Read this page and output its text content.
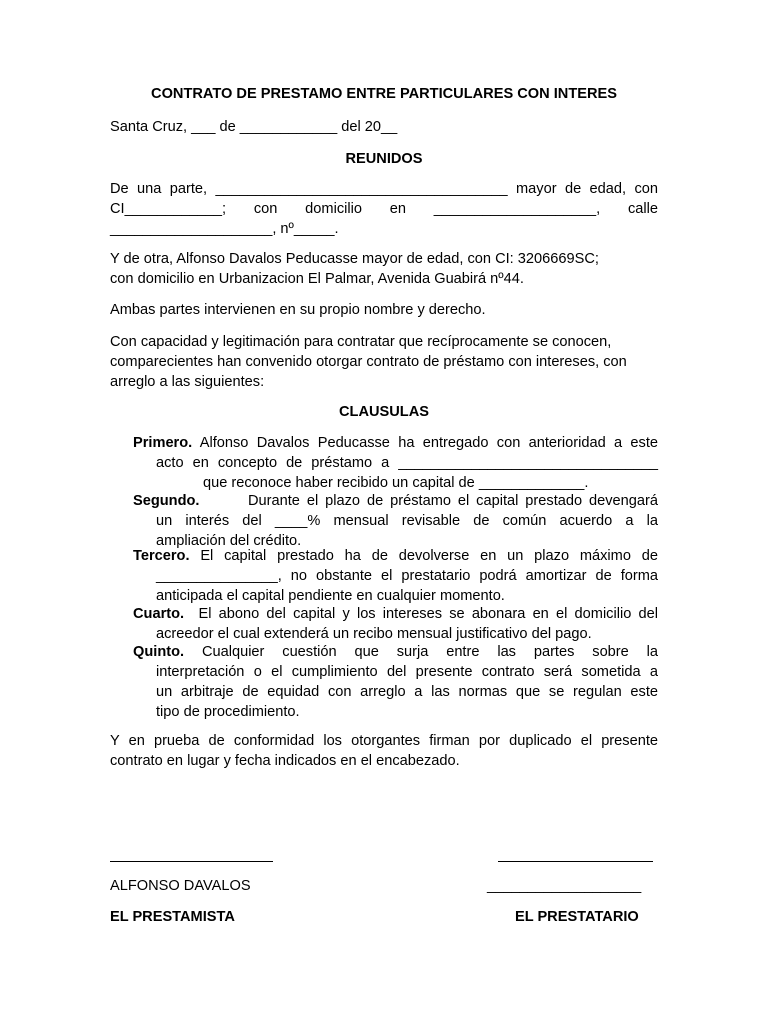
CONTRATO DE PRESTAMO ENTRE PARTICULARES CON INTERES
Santa Cruz, ___ de ____________ del 20__
REUNIDOS
De una parte, ____________________________________ mayor de edad, con
CI____________; con domicilio en ____________________, calle
____________________, nº_____.
Y de otra, Alfonso Davalos Peducasse mayor de edad, con CI: 3206669SC;
con domicilio en Urbanizacion El Palmar, Avenida Guabirá nº44.
Ambas partes intervienen en su propio nombre y derecho.
Con capacidad y legitimación para contratar que recíprocamente se conocen,
comparecientes han convenido otorgar contrato de préstamo con intereses, con
arreglo a las siguientes:
CLAUSULAS

Primero. Alfonso Davalos Peducasse ha entregado con anterioridad a este

acto en concepto de préstamo a ________________________________

que reconoce haber recibido un capital de _____________.

Segundo.       Durante el plazo de préstamo el capital prestado devengará

un interés del ____% mensual revisable de común acuerdo a la

ampliación del crédito.

Tercero. El capital prestado ha de devolverse en un plazo máximo de

_______________, no obstante el prestatario podrá amortizar de forma

anticipada el capital pendiente en cualquier momento.

Cuarto.  El abono del capital y los intereses se abonara en el domicilio del

acreedor el cual extenderá un recibo mensual justificativo del pago.

Quinto. Cualquier cuestión que surja entre las partes sobre la

interpretación o el cumplimiento del presente contrato será sometida a

un arbitraje de equidad con arreglo a las normas que se regulan este

tipo de procedimiento.

Y en prueba de conformidad los otorgantes firman por duplicado el presente
contrato en lugar y fecha indicados en el encabezado.
ALFONSO DAVALOS	___________________
EL PRESTAMISTA	EL PRESTATARIO
